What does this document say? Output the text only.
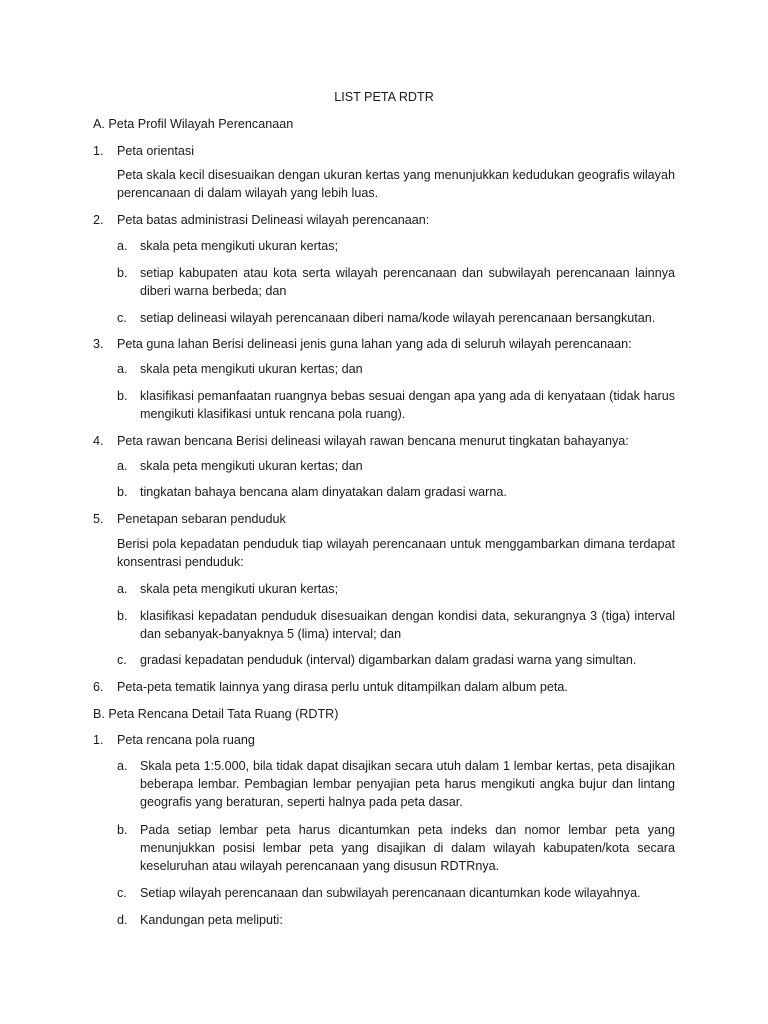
LIST PETA RDTR
A. Peta Profil Wilayah Perencanaan
1. Peta orientasi
Peta skala kecil disesuaikan dengan ukuran kertas yang menunjukkan kedudukan geografis wilayah perencanaan di dalam wilayah yang lebih luas.
2. Peta batas administrasi Delineasi wilayah perencanaan:
a. skala peta mengikuti ukuran kertas;
b. setiap kabupaten atau kota serta wilayah perencanaan dan subwilayah perencanaan lainnya diberi warna berbeda; dan
c. setiap delineasi wilayah perencanaan diberi nama/kode wilayah perencanaan bersangkutan.
3. Peta guna lahan Berisi delineasi jenis guna lahan yang ada di seluruh wilayah perencanaan:
a. skala peta mengikuti ukuran kertas; dan
b. klasifikasi pemanfaatan ruangnya bebas sesuai dengan apa yang ada di kenyataan (tidak harus mengikuti klasifikasi untuk rencana pola ruang).
4. Peta rawan bencana Berisi delineasi wilayah rawan bencana menurut tingkatan bahayanya:
a. skala peta mengikuti ukuran kertas; dan
b. tingkatan bahaya bencana alam dinyatakan dalam gradasi warna.
5. Penetapan sebaran penduduk
Berisi pola kepadatan penduduk tiap wilayah perencanaan untuk menggambarkan dimana terdapat konsentrasi penduduk:
a. skala peta mengikuti ukuran kertas;
b. klasifikasi kepadatan penduduk disesuaikan dengan kondisi data, sekurangnya 3 (tiga) interval dan sebanyak-banyaknya 5 (lima) interval; dan
c. gradasi kepadatan penduduk (interval) digambarkan dalam gradasi warna yang simultan.
6. Peta-peta tematik lainnya yang dirasa perlu untuk ditampilkan dalam album peta.
B. Peta Rencana Detail Tata Ruang (RDTR)
1. Peta rencana pola ruang
a. Skala peta 1:5.000, bila tidak dapat disajikan secara utuh dalam 1 lembar kertas, peta disajikan beberapa lembar. Pembagian lembar penyajian peta harus mengikuti angka bujur dan lintang geografis yang beraturan, seperti halnya pada peta dasar.
b. Pada setiap lembar peta harus dicantumkan peta indeks dan nomor lembar peta yang menunjukkan posisi lembar peta yang disajikan di dalam wilayah kabupaten/kota secara keseluruhan atau wilayah perencanaan yang disusun RDTRnya.
c. Setiap wilayah perencanaan dan subwilayah perencanaan dicantumkan kode wilayahnya.
d. Kandungan peta meliputi:
